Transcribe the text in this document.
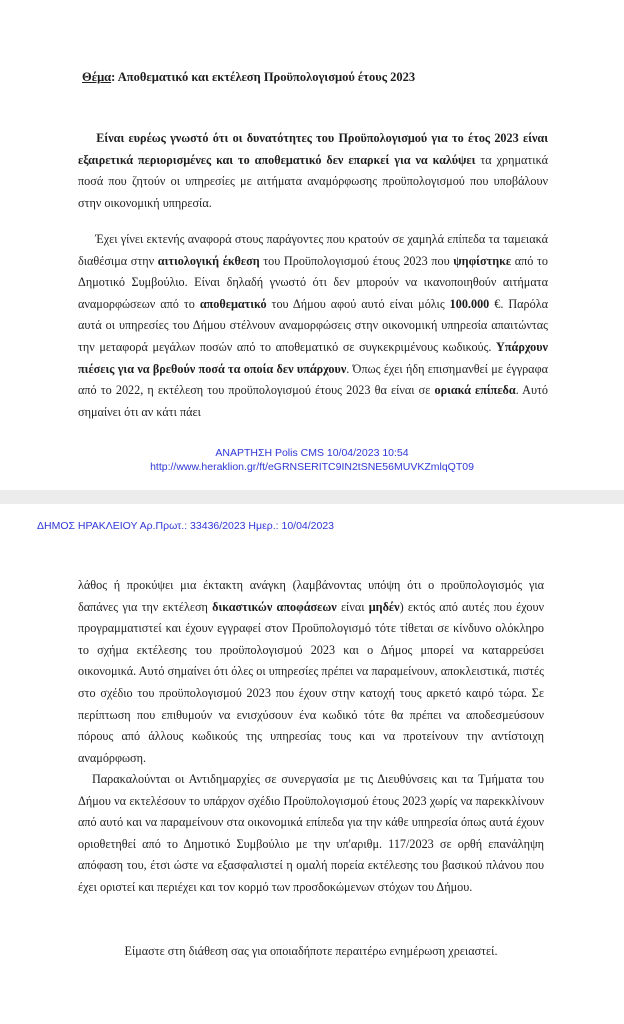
Θέμα: Αποθεματικό και εκτέλεση Προϋπολογισμού έτους 2023

Είναι ευρέως γνωστό ότι οι δυνατότητες του Προϋπολογισμού για το έτος 2023 είναι εξαιρετικά περιορισμένες και το αποθεματικό δεν επαρκεί για να καλύψει τα χρηματικά ποσά που ζητούν οι υπηρεσίες με αιτήματα αναμόρφωσης προϋπολογισμού που υποβάλουν στην οικονομική υπηρεσία.

Έχει γίνει εκτενής αναφορά στους παράγοντες που κρατούν σε χαμηλά επίπεδα τα ταμειακά διαθέσιμα στην αιτιολογική έκθεση του Προϋπολογισμού έτους 2023 που ψηφίστηκε από το Δημοτικό Συμβούλιο. Είναι δηλαδή γνωστό ότι δεν μπορούν να ικανοποιηθούν αιτήματα αναμορφώσεων από το αποθεματικό του Δήμου αφού αυτό είναι μόλις 100.000 €. Παρόλα αυτά οι υπηρεσίες του Δήμου στέλνουν αναμορφώσεις στην οικονομική υπηρεσία απαιτώντας την μεταφορά μεγάλων ποσών από το αποθεματικό σε συγκεκριμένους κωδικούς. Υπάρχουν πιέσεις για να βρεθούν ποσά τα οποία δεν υπάρχουν. Όπως έχει ήδη επισημανθεί με έγγραφα από το 2022, η εκτέλεση του προϋπολογισμού έτους 2023 θα είναι σε οριακά επίπεδα. Αυτό σημαίνει ότι αν κάτι πάει

ΑΝΑΡΤΗΣΗ Polis CMS 10/04/2023 10:54
http://www.heraklion.gr/ft/eGRNSERITC9IN2tSNE56MUVKZmlqQT09
ΔΗΜΟΣ ΗΡΑΚΛΕΙΟΥ Αρ.Πρωτ.: 33436/2023 Ημερ.: 10/04/2023

λάθος ή προκύψει μια έκτακτη ανάγκη (λαμβάνοντας υπόψη ότι ο προϋπολογισμός για δαπάνες για την εκτέλεση δικαστικών αποφάσεων είναι μηδέν) εκτός από αυτές που έχουν προγραμματιστεί και έχουν εγγραφεί στον Προϋπολογισμό τότε τίθεται σε κίνδυνο ολόκληρο το σχήμα εκτέλεσης του προϋπολογισμού 2023 και ο Δήμος μπορεί να καταρρεύσει οικονομικά. Αυτό σημαίνει ότι όλες οι υπηρεσίες πρέπει να παραμείνουν, αποκλειστικά, πιστές στο σχέδιο του προϋπολογισμού 2023 που έχουν στην κατοχή τους αρκετό καιρό τώρα. Σε περίπτωση που επιθυμούν να ενισχύσουν ένα κωδικό τότε θα πρέπει να αποδεσμεύσουν πόρους από άλλους κωδικούς της υπηρεσίας τους και να προτείνουν την αντίστοιχη αναμόρφωση.

Παρακαλούνται οι Αντιδημαρχίες σε συνεργασία με τις Διευθύνσεις και τα Τμήματα του Δήμου να εκτελέσουν το υπάρχον σχέδιο Προϋπολογισμού έτους 2023 χωρίς να παρεκκλίνουν από αυτό και να παραμείνουν στα οικονομικά επίπεδα για την κάθε υπηρεσία όπως αυτά έχουν οριοθετηθεί από το Δημοτικό Συμβούλιο με την υπ'αριθμ. 117/2023 σε ορθή επανάληψη απόφαση του, έτσι ώστε να εξασφαλιστεί η ομαλή πορεία εκτέλεσης του βασικού πλάνου που έχει οριστεί και περιέχει και τον κορμό των προσδοκώμενων στόχων του Δήμου.

Είμαστε στη διάθεση σας για οποιαδήποτε περαιτέρω ενημέρωση χρειαστεί.
